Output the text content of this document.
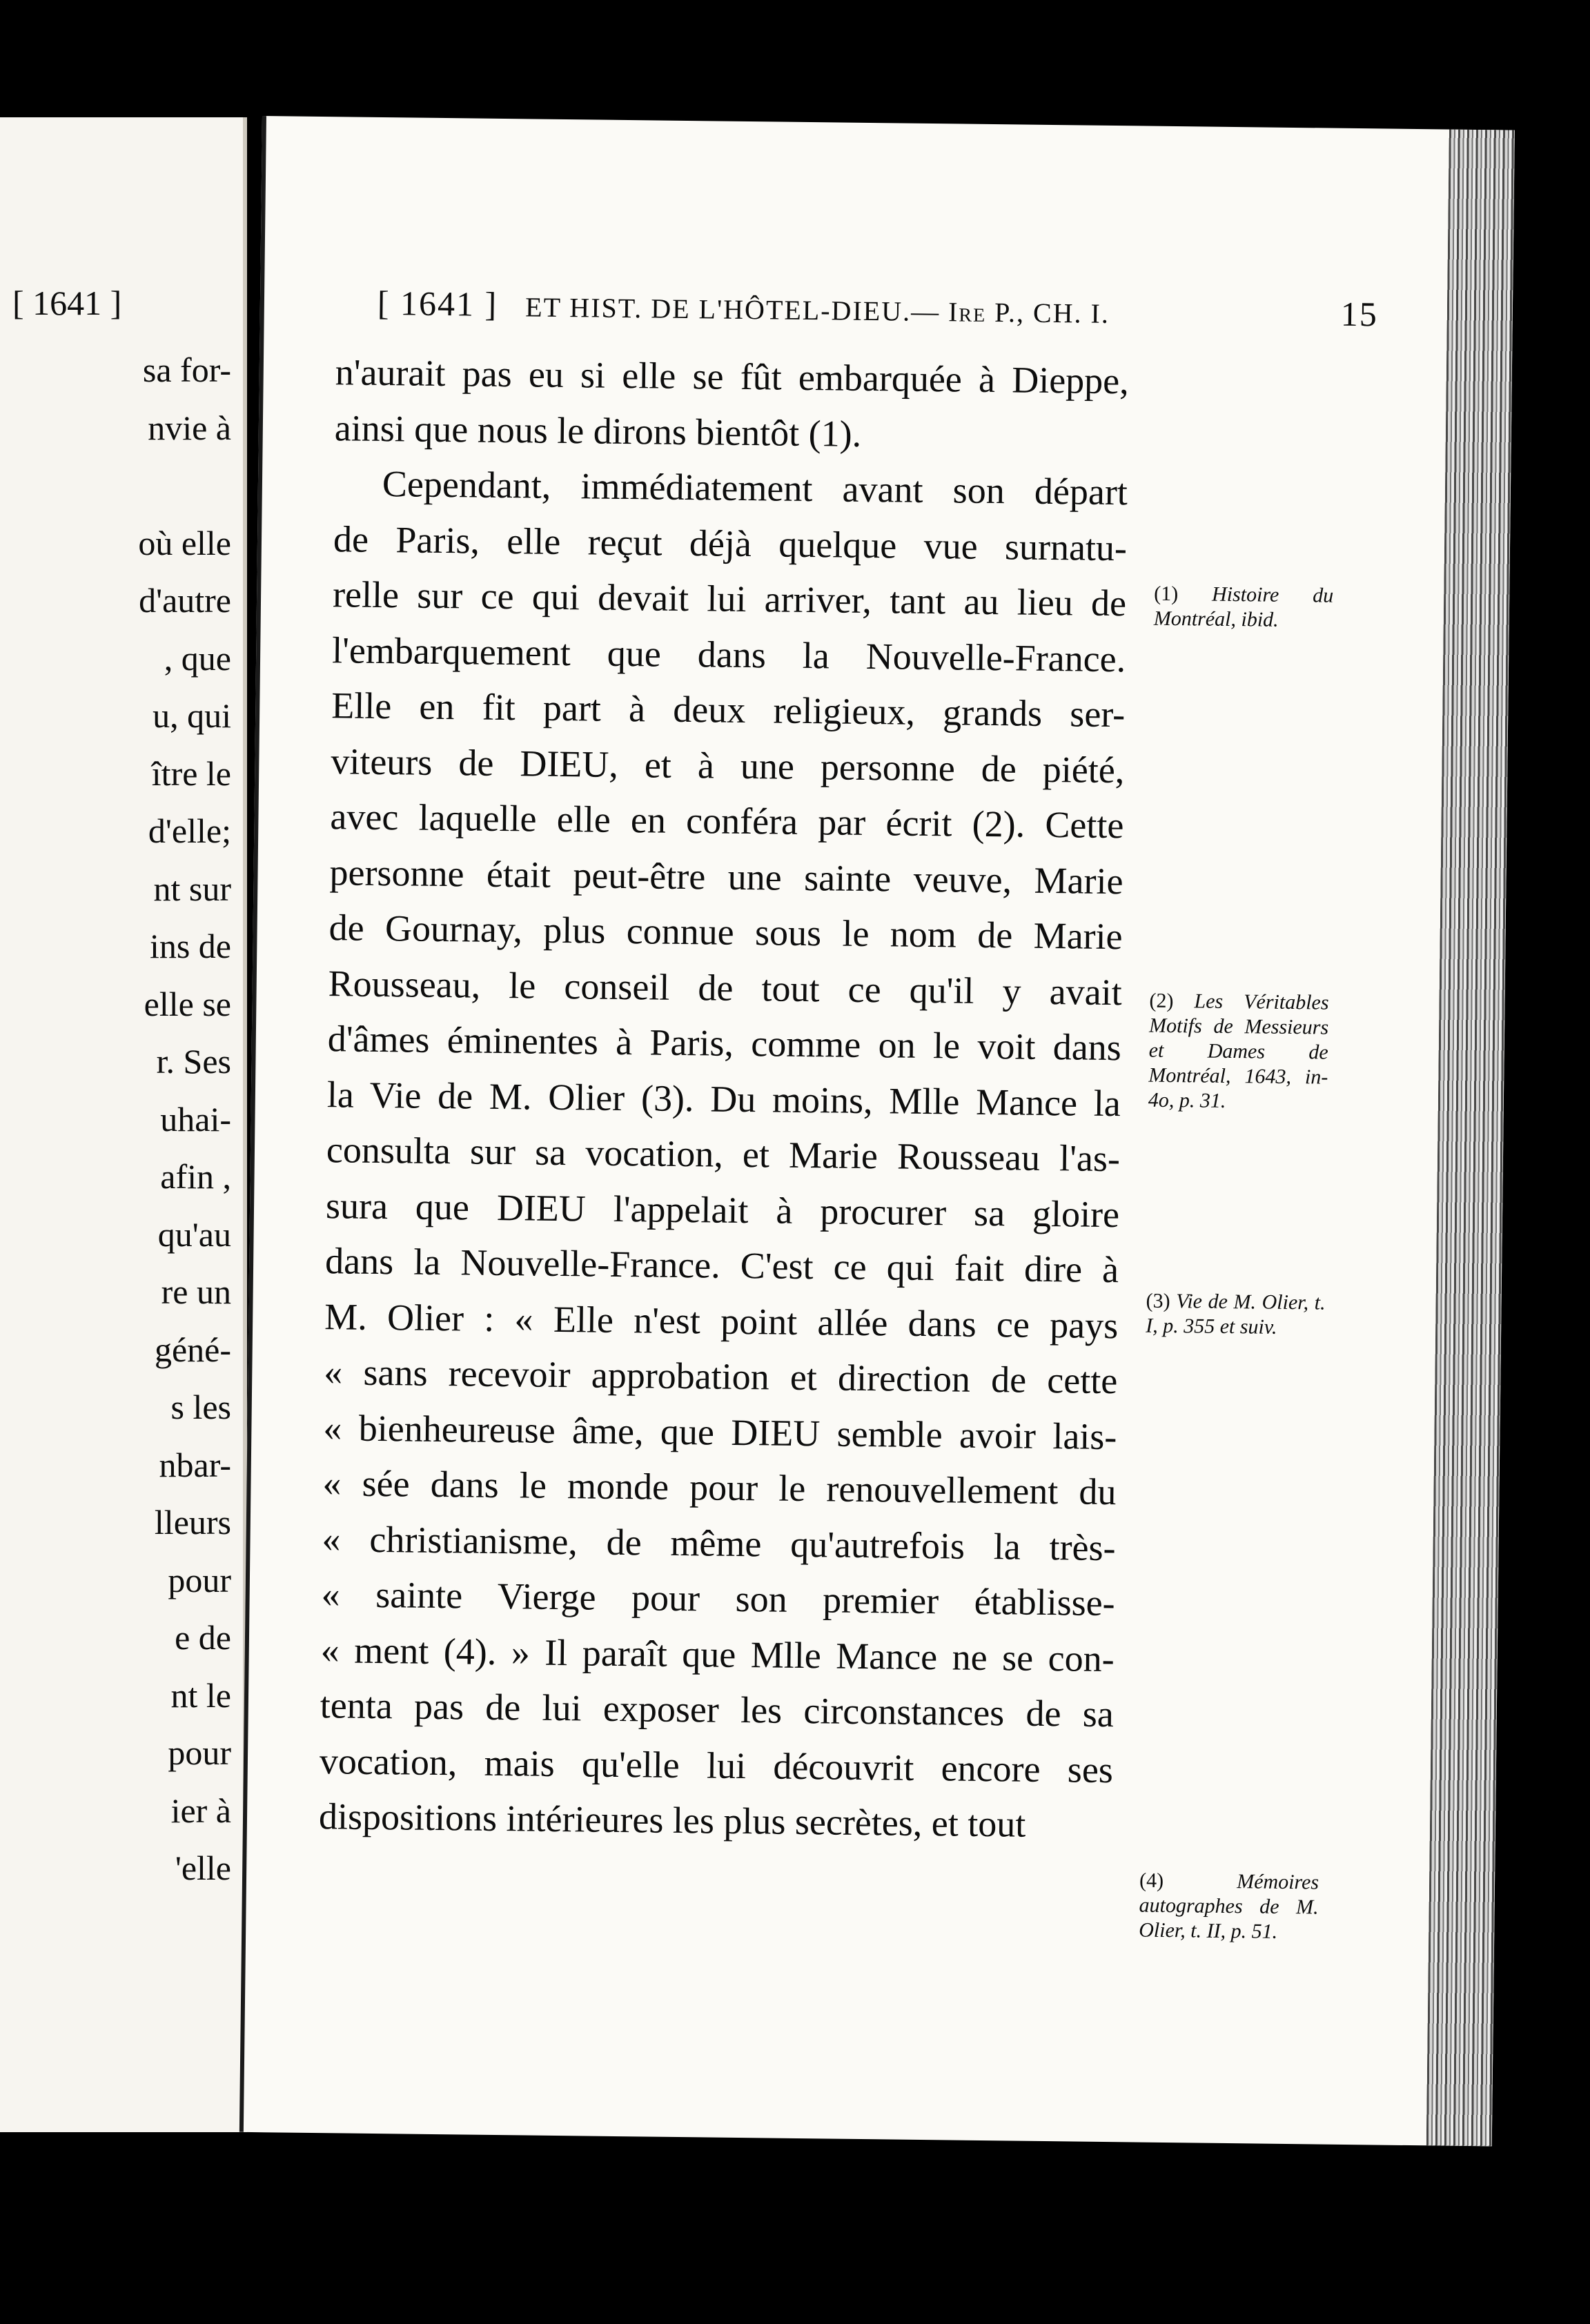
[ 1641 ]
sa for-
nvie à
où elle
d'autre
, que
u, qui
ître le
d'elle;
nt sur
ins de
elle se
r. Ses
uhai-
afin ,
qu'au
re un
géné-
s les
nbar-
lleurs
pour
e de
nt le
pour
ier à
'elle
[ 1641 ] ET HIST. DE L'HÔTEL-DIEU.— Ire P., CH. I.	15
n'aurait pas eu si elle se fût embarquée à Dieppe,
ainsi que nous le dirons bientôt (1).
Cependant, immédiatement avant son départ
de Paris, elle reçut déjà quelque vue surnatu-
relle sur ce qui devait lui arriver, tant au lieu de
l'embarquement que dans la Nouvelle-France.
Elle en fit part à deux religieux, grands ser-
viteurs de DIEU, et à une personne de piété,
avec laquelle elle en conféra par écrit (2). Cette
personne était peut-être une sainte veuve, Marie
de Gournay, plus connue sous le nom de Marie
Rousseau, le conseil de tout ce qu'il y avait
d'âmes éminentes à Paris, comme on le voit dans
la Vie de M. Olier (3). Du moins, Mlle Mance la
consulta sur sa vocation, et Marie Rousseau l'as-
sura que DIEU l'appelait à procurer sa gloire
dans la Nouvelle-France. C'est ce qui fait dire à
M. Olier : « Elle n'est point allée dans ce pays
« sans recevoir approbation et direction de cette
« bienheureuse âme, que DIEU semble avoir lais-
« sée dans le monde pour le renouvellement du
« christianisme, de même qu'autrefois la très-
« sainte Vierge pour son premier établisse-
« ment (4). » Il paraît que Mlle Mance ne se con-
tenta pas de lui exposer les circonstances de sa
vocation, mais qu'elle lui découvrit encore ses
dispositions intérieures les plus secrètes, et tout
(1) Histoire du Montréal, ibid.
(2) Les Véritables Motifs de Messieurs et Dames de Montréal, 1643, in-4o, p. 31.
(3) Vie de M. Olier, t. I, p. 355 et suiv.
(4)	Mémoires autographes de M. Olier, t. II, p. 51.
